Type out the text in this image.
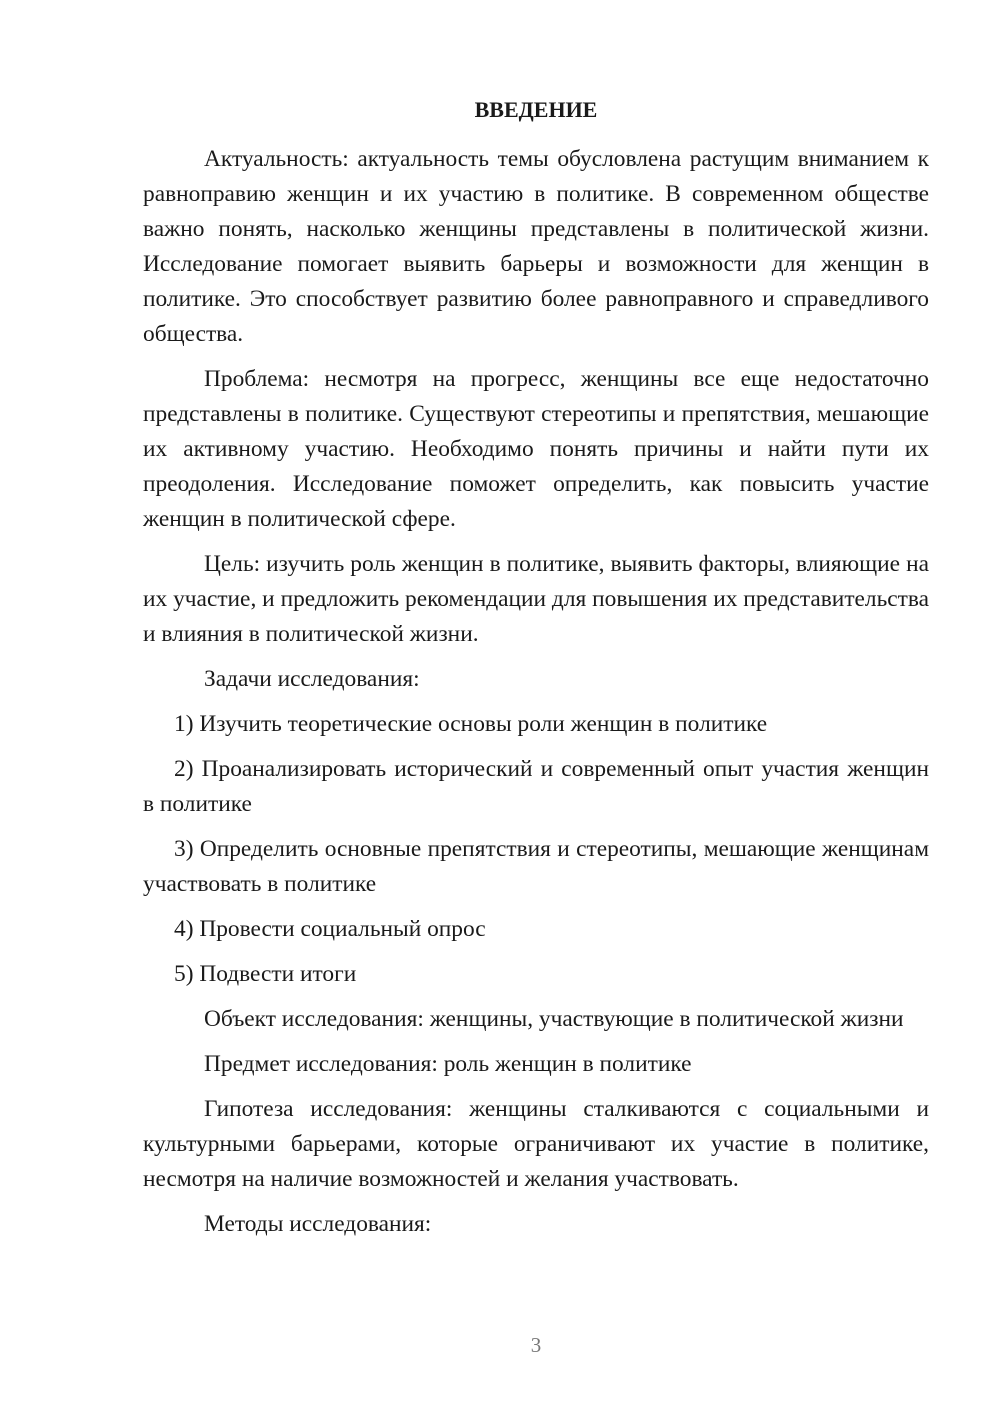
ВВЕДЕНИЕ

Актуальность: актуальность темы обусловлена растущим вниманием к равноправию женщин и их участию в политике. В современном обществе важно понять, насколько женщины представлены в политической жизни. Исследование помогает выявить барьеры и возможности для женщин в политике. Это способствует развитию более равноправного и справедливого общества.

Проблема: несмотря на прогресс, женщины все еще недостаточно представлены в политике. Существуют стереотипы и препятствия, мешающие их активному участию. Необходимо понять причины и найти пути их преодоления. Исследование поможет определить, как повысить участие женщин в политической сфере.

Цель: изучить роль женщин в политике, выявить факторы, влияющие на их участие, и предложить рекомендации для повышения их представительства и влияния в политической жизни.

Задачи исследования:

1) Изучить теоретические основы роли женщин в политике

2) Проанализировать исторический и современный опыт участия женщин в политике

3) Определить основные препятствия и стереотипы, мешающие женщинам участвовать в политике

4) Провести социальный опрос

5) Подвести итоги

Объект исследования: женщины, участвующие в политической жизни

Предмет исследования: роль женщин в политике

Гипотеза исследования: женщины сталкиваются с социальными и культурными барьерами, которые ограничивают их участие в политике, несмотря на наличие возможностей и желания участвовать.

Методы исследования:

3
